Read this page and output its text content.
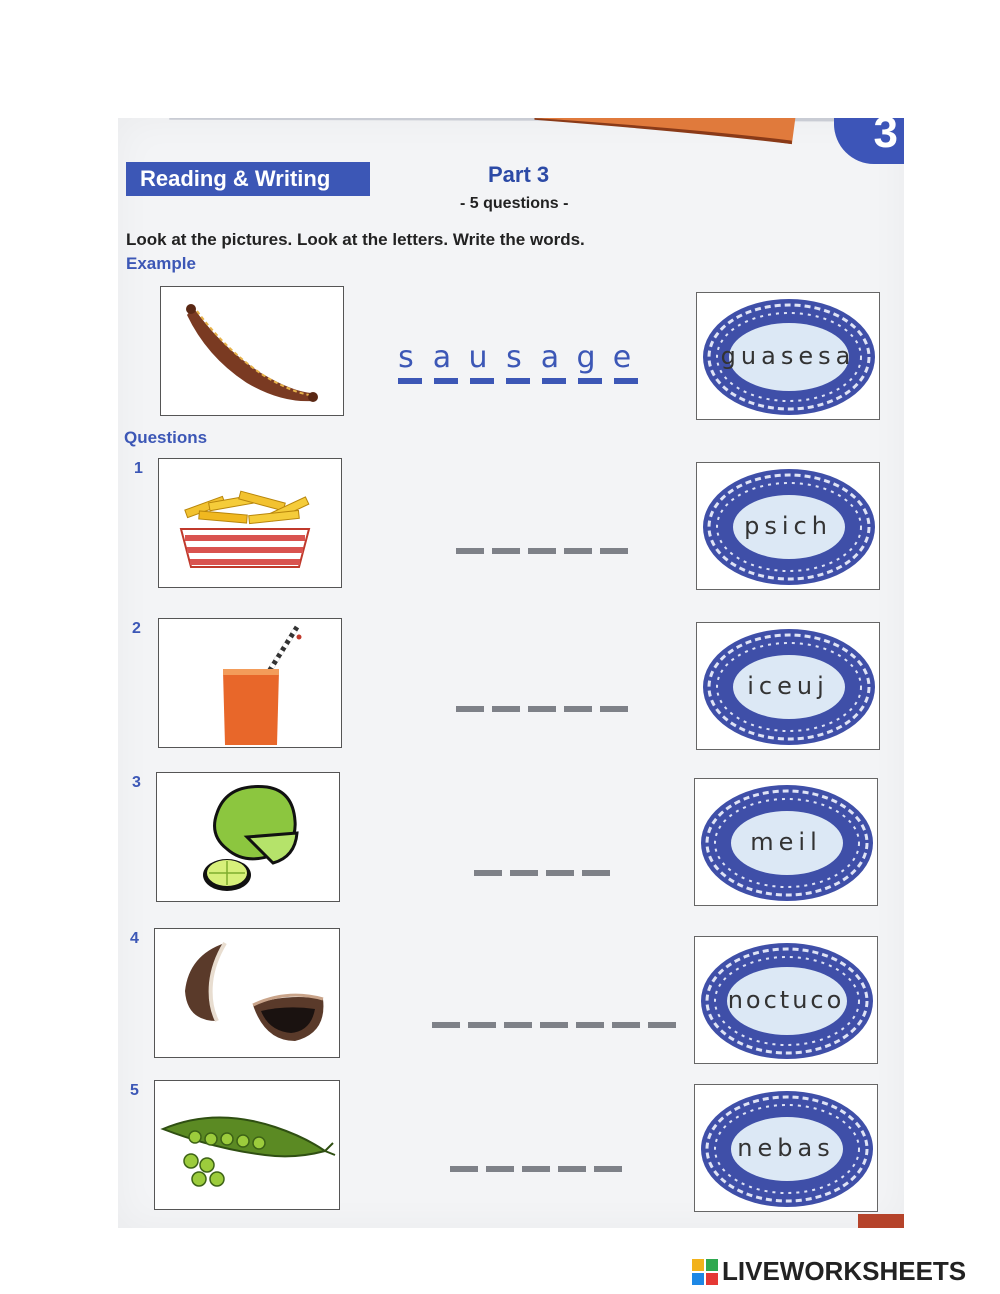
3
Reading & Writing	Part 3
- 5 questions -
Look at the pictures. Look at the letters. Write the words.
Example
s a u s a g e	guasesa
Questions
1
psich
2
iceuj
3
meil
4
noctuco
5
nebas
LIVEWORKSHEETS
